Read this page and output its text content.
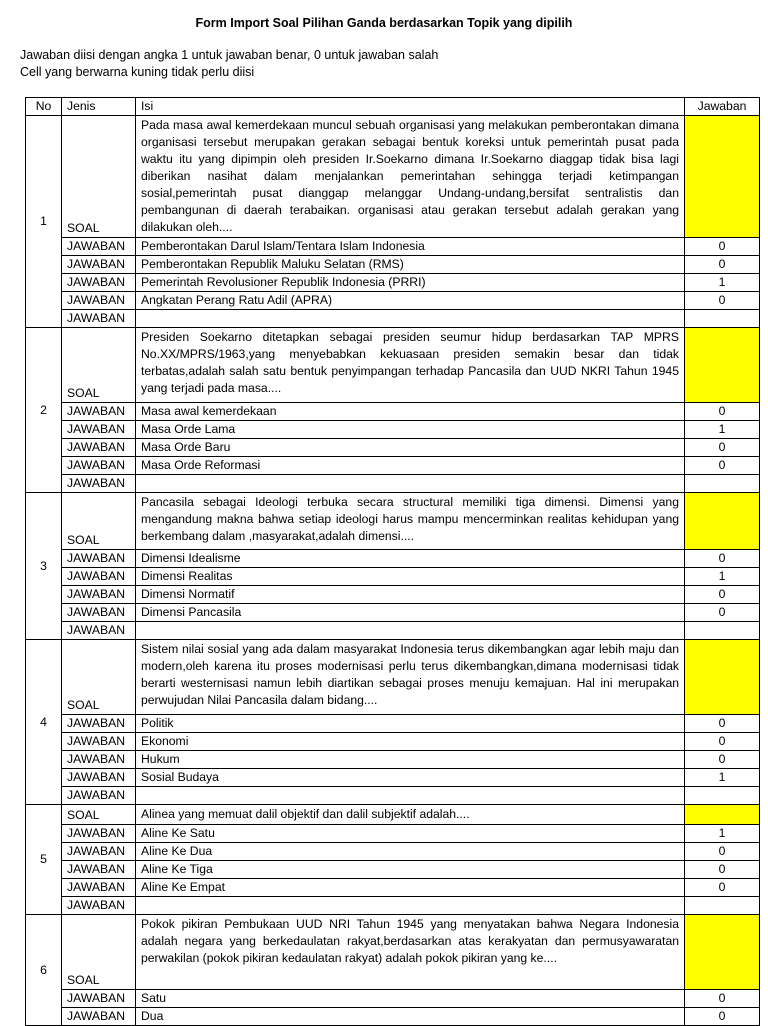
Form Import Soal Pilihan Ganda berdasarkan Topik yang dipilih
Jawaban diisi dengan angka 1 untuk jawaban benar, 0 untuk jawaban salah
Cell yang berwarna kuning tidak perlu diisi
No	Jenis	Isi	Jawaban
1	SOAL	Pada masa awal kemerdekaan muncul sebuah organisasi yang melakukan pemberontakan dimana organisasi tersebut merupakan gerakan sebagai bentuk koreksi untuk pemerintah pusat pada waktu itu yang dipimpin oleh presiden Ir.Soekarno dimana Ir.Soekarno diaggap tidak bisa lagi diberikan nasihat dalam menjalankan pemerintahan sehingga terjadi ketimpangan sosial,pemerintah pusat dianggap melanggar Undang-undang,bersifat sentralistis dan pembangunan di daerah terabaikan. organisasi atau gerakan tersebut adalah gerakan yang dilakukan oleh....	
	JAWABAN	Pemberontakan Darul Islam/Tentara Islam Indonesia	0
	JAWABAN	Pemberontakan Republik Maluku Selatan (RMS)	0
	JAWABAN	Pemerintah Revolusioner Republik Indonesia (PRRI)	1
	JAWABAN	Angkatan Perang Ratu Adil (APRA)	0
	JAWABAN		
2	SOAL	Presiden Soekarno ditetapkan sebagai presiden seumur hidup berdasarkan TAP MPRS No.XX/MPRS/1963,yang menyebabkan kekuasaan presiden semakin besar dan tidak terbatas,adalah salah satu bentuk penyimpangan terhadap Pancasila dan UUD NKRI Tahun 1945 yang terjadi pada masa....	
	JAWABAN	Masa awal kemerdekaan	0
	JAWABAN	Masa Orde Lama	1
	JAWABAN	Masa Orde Baru	0
	JAWABAN	Masa Orde Reformasi	0
	JAWABAN		
3	SOAL	Pancasila sebagai Ideologi terbuka secara structural memiliki tiga dimensi. Dimensi yang mengandung makna bahwa setiap ideologi harus mampu mencerminkan realitas kehidupan yang berkembang dalam ,masyarakat,adalah dimensi....	
	JAWABAN	Dimensi Idealisme	0
	JAWABAN	Dimensi Realitas	1
	JAWABAN	Dimensi Normatif	0
	JAWABAN	Dimensi Pancasila	0
	JAWABAN		
4	SOAL	Sistem nilai sosial yang ada dalam masyarakat Indonesia terus dikembangkan agar lebih maju dan modern,oleh karena itu proses modernisasi perlu terus dikembangkan,dimana modernisasi tidak berarti westernisasi namun lebih diartikan sebagai proses menuju kemajuan. Hal ini merupakan perwujudan Nilai Pancasila dalam bidang....	
	JAWABAN	Politik	0
	JAWABAN	Ekonomi	0
	JAWABAN	Hukum	0
	JAWABAN	Sosial Budaya	1
	JAWABAN		
5	SOAL	Alinea yang memuat dalil objektif dan dalil subjektif adalah....	
	JAWABAN	Aline Ke Satu	1
	JAWABAN	Aline Ke Dua	0
	JAWABAN	Aline Ke Tiga	0
	JAWABAN	Aline Ke Empat	0
	JAWABAN		
6	SOAL	Pokok pikiran Pembukaan UUD NRI Tahun 1945 yang menyatakan bahwa Negara Indonesia adalah negara yang berkedaulatan rakyat,berdasarkan atas kerakyatan dan permusyawaratan perwakilan (pokok pikiran kedaulatan rakyat) adalah pokok pikiran yang ke....	
	JAWABAN	Satu	0
	JAWABAN	Dua	0
